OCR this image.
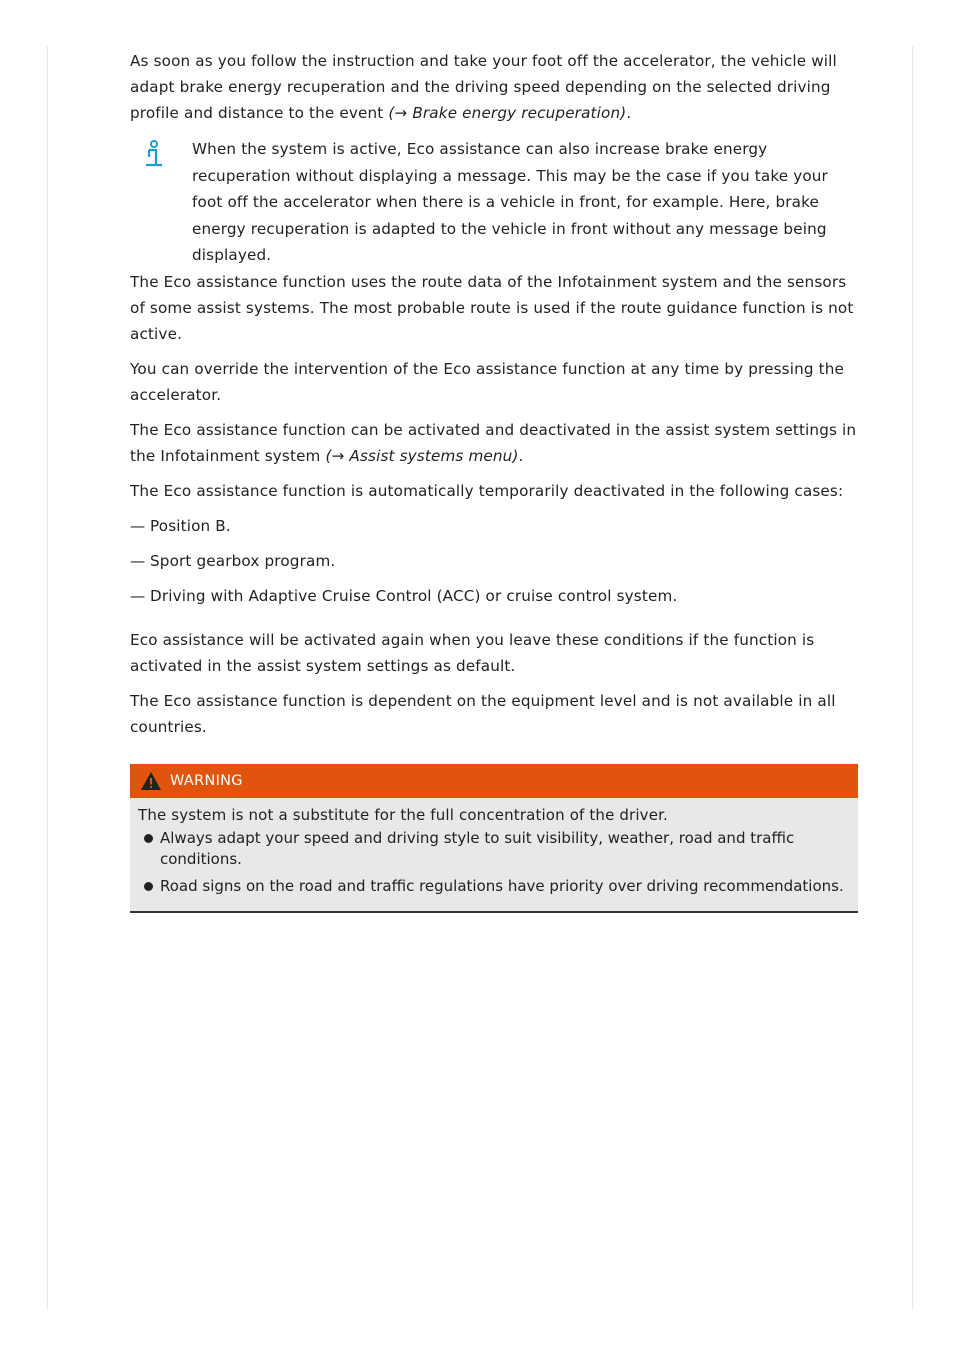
As soon as you follow the instruction and take your foot off the accelerator, the vehicle will adapt brake energy recuperation and the driving speed depending on the selected driving profile and distance to the event (→ Brake energy recuperation).

When the system is active, Eco assistance can also increase brake energy recuperation without displaying a message. This may be the case if you take your foot off the accelerator when there is a vehicle in front, for example. Here, brake energy recuperation is adapted to the vehicle in front without any message being displayed.

The Eco assistance function uses the route data of the Infotainment system and the sensors of some assist systems. The most probable route is used if the route guidance function is not active.

You can override the intervention of the Eco assistance function at any time by pressing the accelerator.

The Eco assistance function can be activated and deactivated in the assist system settings in the Infotainment system (→ Assist systems menu).

The Eco assistance function is automatically temporarily deactivated in the following cases:

— Position B.
— Sport gearbox program.
— Driving with Adaptive Cruise Control (ACC) or cruise control system.

Eco assistance will be activated again when you leave these conditions if the function is activated in the assist system settings as default.

The Eco assistance function is dependent on the equipment level and is not available in all countries.

WARNING

The system is not a substitute for the full concentration of the driver.

Always adapt your speed and driving style to suit visibility, weather, road and traffic conditions.
Road signs on the road and traffic regulations have priority over driving recommendations.
